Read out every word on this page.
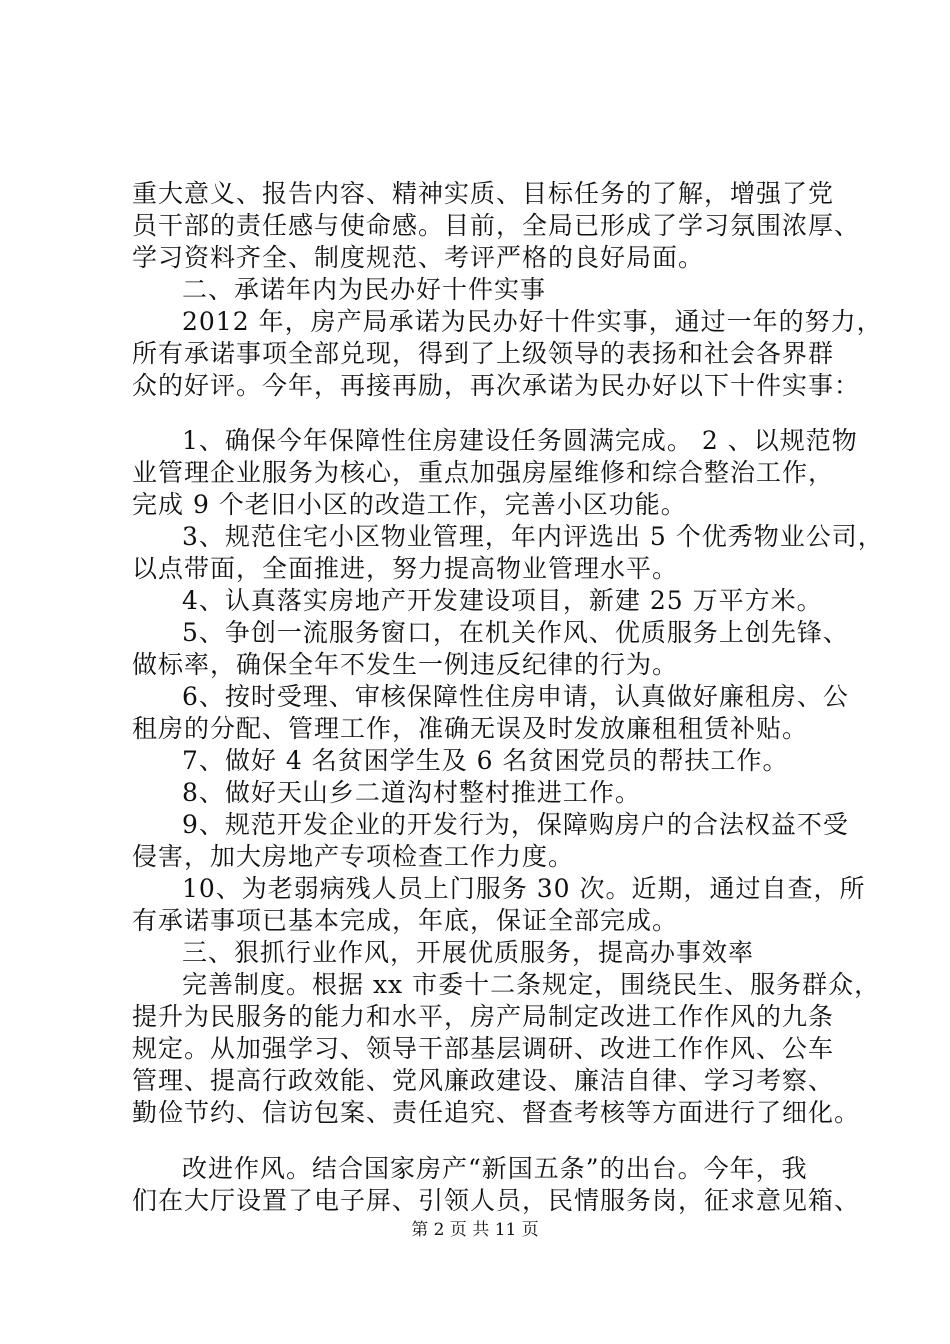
重大意义、报告内容、精神实质、目标任务的了解，增强了党
员干部的责任感与使命感。目前，全局已形成了学习氛围浓厚、
学习资料齐全、制度规范、考评严格的良好局面。
二、承诺年内为民办好十件实事
2012 年，房产局承诺为民办好十件实事，通过一年的努力，
所有承诺事项全部兑现，得到了上级领导的表扬和社会各界群
众的好评。今年，再接再励，再次承诺为民办好以下十件实事：
1、确保今年保障性住房建设任务圆满完成。 2 、以规范物
业管理企业服务为核心，重点加强房屋维修和综合整治工作，
完成 9 个老旧小区的改造工作，完善小区功能。
3、规范住宅小区物业管理，年内评选出 5 个优秀物业公司，
以点带面，全面推进，努力提高物业管理水平。
4、认真落实房地产开发建设项目，新建 25 万平方米。
5、争创一流服务窗口，在机关作风、优质服务上创先锋、
做标率，确保全年不发生一例违反纪律的行为。
6、按时受理、审核保障性住房申请，认真做好廉租房、公
租房的分配、管理工作，准确无误及时发放廉租租赁补贴。
7、做好 4 名贫困学生及 6 名贫困党员的帮扶工作。
8、做好天山乡二道沟村整村推进工作。
9、规范开发企业的开发行为，保障购房户的合法权益不受
侵害，加大房地产专项检查工作力度。
10、为老弱病残人员上门服务 30 次。近期，通过自查，所
有承诺事项已基本完成，年底，保证全部完成。
三、狠抓行业作风，开展优质服务，提高办事效率
完善制度。根据 xx 市委十二条规定，围绕民生、服务群众，
提升为民服务的能力和水平，房产局制定改进工作作风的九条
规定。从加强学习、领导干部基层调研、改进工作作风、公车
管理、提高行政效能、党风廉政建设、廉洁自律、学习考察、
勤俭节约、信访包案、责任追究、督查考核等方面进行了细化。
改进作风。结合国家房产“新国五条”的出台。今年，我
们在大厅设置了电子屏、引领人员，民情服务岗，征求意见箱、
第 2 页 共 11 页
